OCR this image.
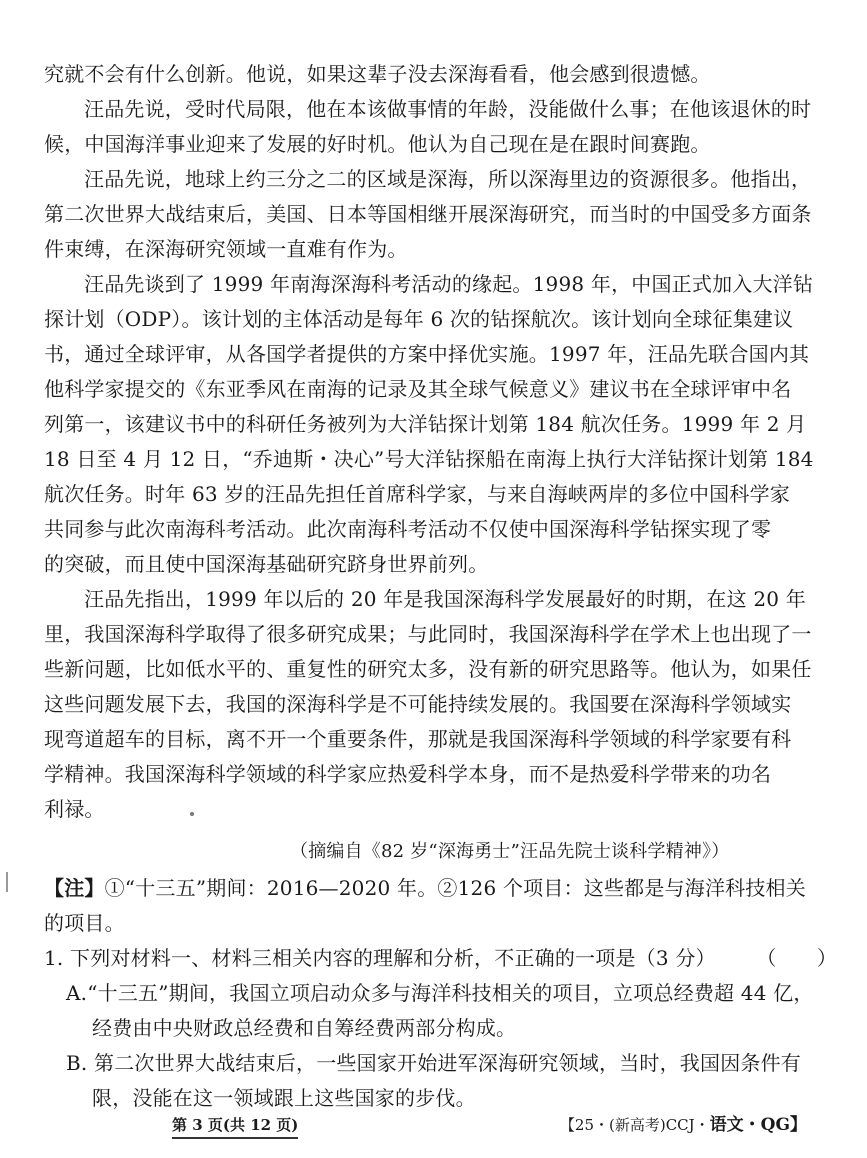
究就不会有什么创新。他说，如果这辈子没去深海看看，他会感到很遗憾。
汪品先说，受时代局限，他在本该做事情的年龄，没能做什么事；在他该退休的时
候，中国海洋事业迎来了发展的好时机。他认为自己现在是在跟时间赛跑。
汪品先说，地球上约三分之二的区域是深海，所以深海里边的资源很多。他指出，
第二次世界大战结束后，美国、日本等国相继开展深海研究，而当时的中国受多方面条
件束缚，在深海研究领域一直难有作为。
汪品先谈到了 1999 年南海深海科考活动的缘起。1998 年，中国正式加入大洋钻
探计划（ODP）。该计划的主体活动是每年 6 次的钻探航次。该计划向全球征集建议
书，通过全球评审，从各国学者提供的方案中择优实施。1997 年，汪品先联合国内其
他科学家提交的《东亚季风在南海的记录及其全球气候意义》建议书在全球评审中名
列第一，该建议书中的科研任务被列为大洋钻探计划第 184 航次任务。1999 年 2 月
18 日至 4 月 12 日，“乔迪斯・决心”号大洋钻探船在南海上执行大洋钻探计划第 184
航次任务。时年 63 岁的汪品先担任首席科学家，与来自海峡两岸的多位中国科学家
共同参与此次南海科考活动。此次南海科考活动不仅使中国深海科学钻探实现了零
的突破，而且使中国深海基础研究跻身世界前列。
汪品先指出，1999 年以后的 20 年是我国深海科学发展最好的时期，在这 20 年
里，我国深海科学取得了很多研究成果；与此同时，我国深海科学在学术上也出现了一
些新问题，比如低水平的、重复性的研究太多，没有新的研究思路等。他认为，如果任
这些问题发展下去，我国的深海科学是不可能持续发展的。我国要在深海科学领域实
现弯道超车的目标，离不开一个重要条件，那就是我国深海科学领域的科学家要有科
学精神。我国深海科学领域的科学家应热爱科学本身，而不是热爱科学带来的功名
利禄。
（摘编自《82 岁“深海勇士”汪品先院士谈科学精神》）
【注】①“十三五”期间：2016—2020 年。②126 个项目：这些都是与海洋科技相关
的项目。
1. 下列对材料一、材料三相关内容的理解和分析，不正确的一项是（3 分）　　　（　　）
A.“十三五”期间，我国立项启动众多与海洋科技相关的项目，立项总经费超 44 亿，
经费由中央财政总经费和自筹经费两部分构成。
B. 第二次世界大战结束后，一些国家开始进军深海研究领域，当时，我国因条件有
限，没能在这一领域跟上这些国家的步伐。
第 3 页(共 12 页)	【25・(新高考)CCJ・语文・QG】
